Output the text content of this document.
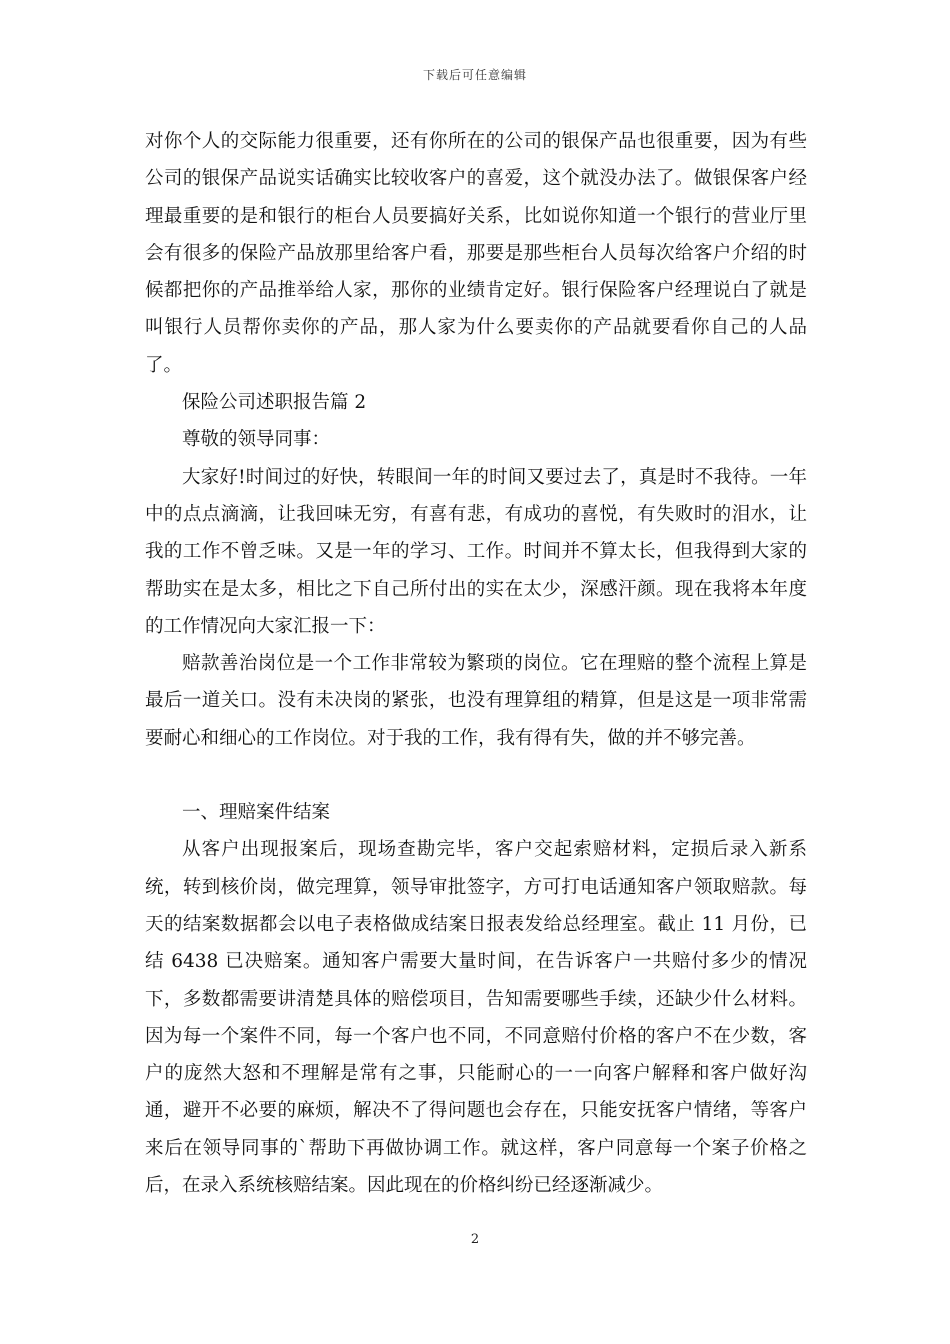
下载后可任意编辑

对你个人的交际能力很重要，还有你所在的公司的银保产品也很重要，因为有些公司的银保产品说实话确实比较收客户的喜爱，这个就没办法了。做银保客户经理最重要的是和银行的柜台人员要搞好关系，比如说你知道一个银行的营业厅里会有很多的保险产品放那里给客户看，那要是那些柜台人员每次给客户介绍的时候都把你的产品推举给人家，那你的业绩肯定好。银行保险客户经理说白了就是叫银行人员帮你卖你的产品，那人家为什么要卖你的产品就要看你自己的人品了。

保险公司述职报告篇 2

尊敬的领导同事：

大家好!时间过的好快，转眼间一年的时间又要过去了，真是时不我待。一年中的点点滴滴，让我回味无穷，有喜有悲，有成功的喜悦，有失败时的泪水，让我的工作不曾乏味。又是一年的学习、工作。时间并不算太长，但我得到大家的帮助实在是太多，相比之下自己所付出的实在太少，深感汗颜。现在我将本年度的工作情况向大家汇报一下：

赔款善治岗位是一个工作非常较为繁琐的岗位。它在理赔的整个流程上算是最后一道关口。没有未决岗的紧张，也没有理算组的精算，但是这是一项非常需要耐心和细心的工作岗位。对于我的工作，我有得有失，做的并不够完善。

一、理赔案件结案

从客户出现报案后，现场查勘完毕，客户交起索赔材料，定损后录入新系统，转到核价岗，做完理算，领导审批签字，方可打电话通知客户领取赔款。每天的结案数据都会以电子表格做成结案日报表发给总经理室。截止 11 月份，已结 6438 已决赔案。通知客户需要大量时间，在告诉客户一共赔付多少的情况下，多数都需要讲清楚具体的赔偿项目，告知需要哪些手续，还缺少什么材料。因为每一个案件不同，每一个客户也不同，不同意赔付价格的客户不在少数，客户的庞然大怒和不理解是常有之事，只能耐心的一一向客户解释和客户做好沟通，避开不必要的麻烦，解决不了得问题也会存在，只能安抚客户情绪，等客户来后在领导同事的`帮助下再做协调工作。就这样，客户同意每一个案子价格之后，在录入系统核赔结案。因此现在的价格纠纷已经逐渐减少。

2
